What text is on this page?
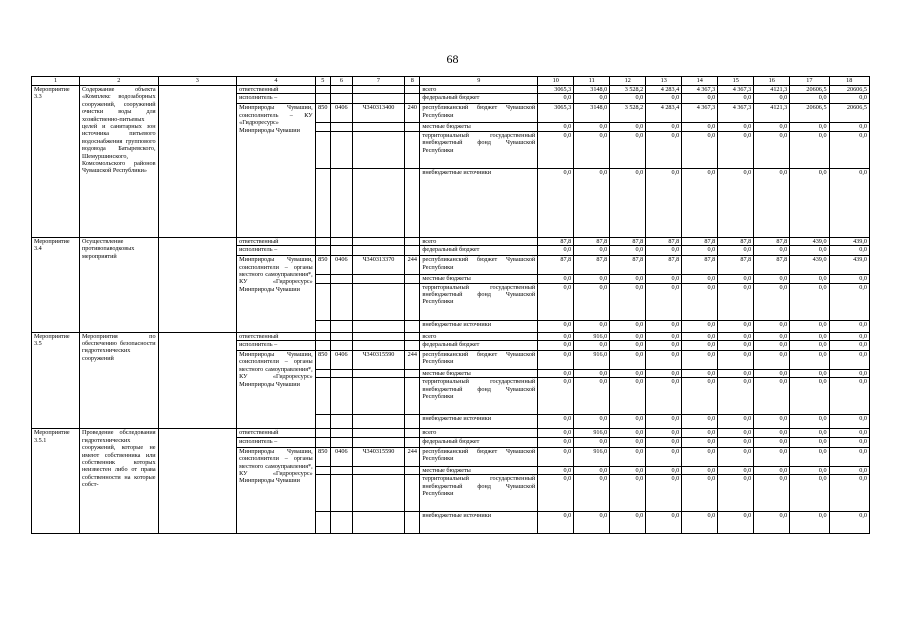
68
1	2	3	4	5	6	7	8	9	10	11	12	13	14	15	16	17	18
Мероприятие 3.3	Содержание объекта «Комплекс водозаборных сооружений, сооружений очистки воды для хозяйственно-питьевых целей и санитарных зон источника питьевого водоснабжения группового водовода Батыревского, Шемуршинского, Комсомольского районов Чувашской Республики»		ответственный					всего	3065,3	3148,0	3 528,2	4 283,4	4 367,3	4 367,3	4121,3	20606,5	20606,5
			исполнитель –					федеральный бюджет	0,0	0,0	0,0	0,0	0,0	0,0	0,0	0,0	0,0
			Минприроды Чувашии, соисполнитель – КУ «Гидроресурс» Минприроды Чувашии	850	0406	Ч340313400	240	республиканский бюджет Чувашской Республики	3065,3	3148,0	3 528,2	4 283,4	4 367,3	4 367,3	4121,3	20606,5	20606,5
								местные бюджеты	0,0	0,0	0,0	0,0	0,0	0,0	0,0	0,0	0,0
								территориальный государственный внебюджетный фонд Чувашской Республики	0,0	0,0	0,0	0,0	0,0	0,0	0,0	0,0	0,0
								внебюджетные источники	0,0	0,0	0,0	0,0	0,0	0,0	0,0	0,0	0,0
Мероприятие 3.4	Осуществление противопаводковых мероприятий		ответственный					всего	87,8	87,8	87,8	87,8	87,8	87,8	87,8	439,0	439,0
			исполнитель –					федеральный бюджет	0,0	0,0	0,0	0,0	0,0	0,0	0,0	0,0	0,0
			Минприроды Чувашии, соисполнители – органы местного самоуправления*, КУ «Гидроресурс» Минприроды Чувашии	850	0406	Ч340313370	244	республиканский бюджет Чувашской Республики	87,8	87,8	87,8	87,8	87,8	87,8	87,8	439,0	439,0
								местные бюджеты	0,0	0,0	0,0	0,0	0,0	0,0	0,0	0,0	0,0
								территориальный государственный внебюджетный фонд Чувашской Республики	0,0	0,0	0,0	0,0	0,0	0,0	0,0	0,0	0,0
								внебюджетные источники	0,0	0,0	0,0	0,0	0,0	0,0	0,0	0,0	0,0
Мероприятие 3.5	Мероприятия по обеспечению безопасности гидротехнических сооружений		ответственный					всего	0,0	916,0	0,0	0,0	0,0	0,0	0,0	0,0	0,0
			исполнитель –					федеральный бюджет	0,0	0,0	0,0	0,0	0,0	0,0	0,0	0,0	0,0
			Минприроды Чувашии, соисполнители – органы местного самоуправления*, КУ «Гидроресурс» Минприроды Чувашии	850	0406	Ч340315590	244	республиканский бюджет Чувашской Республики	0,0	916,0	0,0	0,0	0,0	0,0	0,0	0,0	0,0
								местные бюджеты	0,0	0,0	0,0	0,0	0,0	0,0	0,0	0,0	0,0
								территориальный государственный внебюджетный фонд Чувашской Республики	0,0	0,0	0,0	0,0	0,0	0,0	0,0	0,0	0,0
								внебюджетные источники	0,0	0,0	0,0	0,0	0,0	0,0	0,0	0,0	0,0
Мероприятие 3.5.1	Проведение обследования гидротехнических сооружений, которые не имеют собственника или собственник которых неизвестен либо от права собственности на которые собст-		ответственный					всего	0,0	916,0	0,0	0,0	0,0	0,0	0,0	0,0	0,0
			исполнитель –					федеральный бюджет	0,0	0,0	0,0	0,0	0,0	0,0	0,0	0,0	0,0
			Минприроды Чувашии, соисполнители – органы местного самоуправления*, КУ «Гидроресурс» Минприроды Чувашии	850	0406	Ч340315590	244	республиканский бюджет Чувашской Республики	0,0	916,0	0,0	0,0	0,0	0,0	0,0	0,0	0,0
								местные бюджеты	0,0	0,0	0,0	0,0	0,0	0,0	0,0	0,0	0,0
								территориальный государственный внебюджетный фонд Чувашской Республики	0,0	0,0	0,0	0,0	0,0	0,0	0,0	0,0	0,0
								внебюджетные источники	0,0	0,0	0,0	0,0	0,0	0,0	0,0	0,0	0,0
